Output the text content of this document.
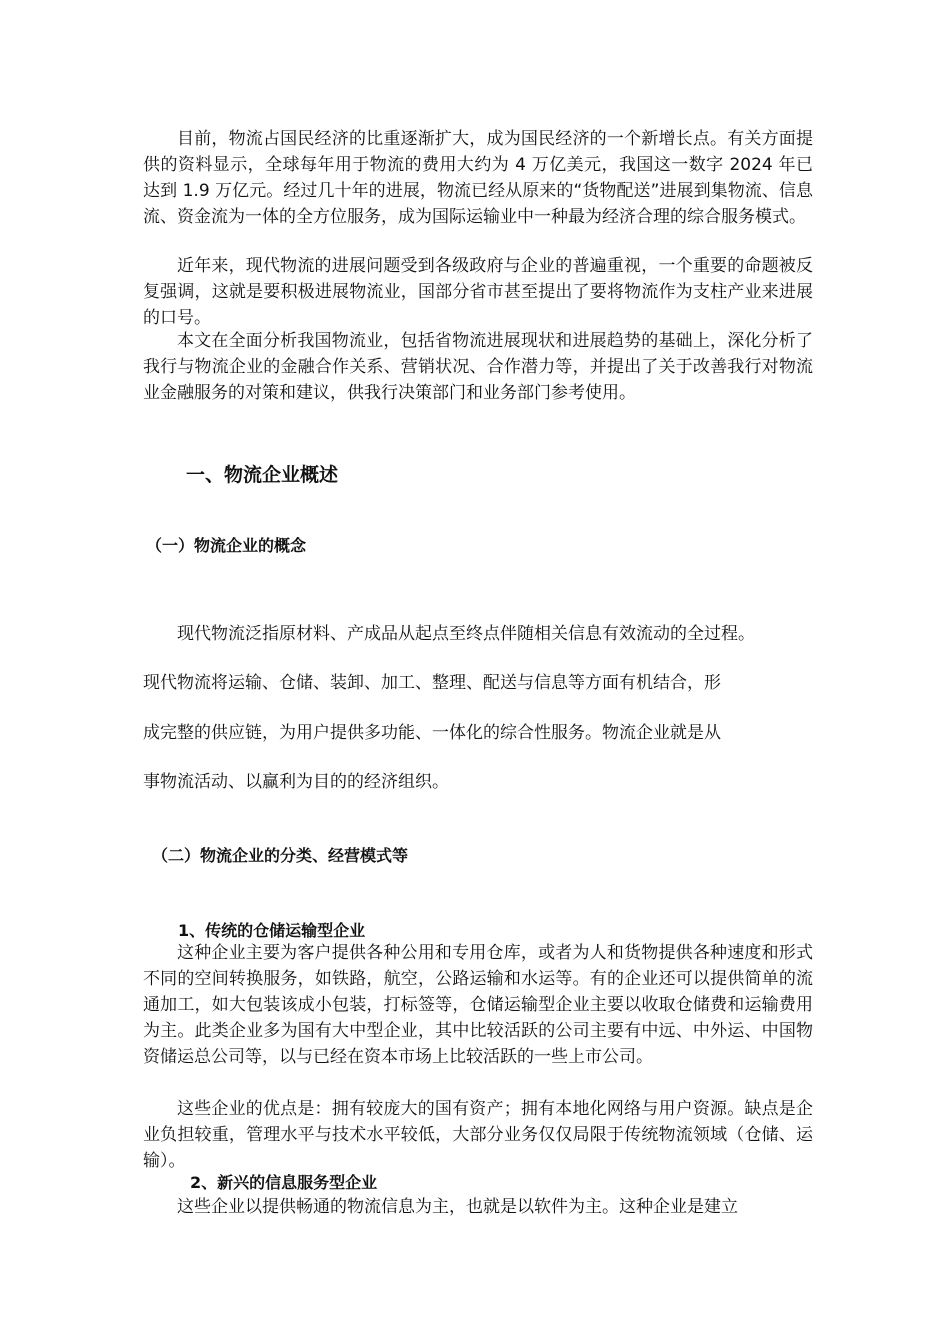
目前，物流占国民经济的比重逐渐扩大，成为国民经济的一个新增长点。有关方面提供的资料显示，全球每年用于物流的费用大约为 4 万亿美元，我国这一数字 2024 年已达到 1.9 万亿元。经过几十年的进展，物流已经从原来的“货物配送”进展到集物流、信息流、资金流为一体的全方位服务，成为国际运输业中一种最为经济合理的综合服务模式。

近年来，现代物流的进展问题受到各级政府与企业的普遍重视，一个重要的命题被反复强调，这就是要积极进展物流业，国部分省市甚至提出了要将物流作为支柱产业来进展的口号。

本文在全面分析我国物流业，包括省物流进展现状和进展趋势的基础上，深化分析了我行与物流企业的金融合作关系、营销状况、合作潜力等，并提出了关于改善我行对物流业金融服务的对策和建议，供我行决策部门和业务部门参考使用。

一、物流企业概述
（一）物流企业的概念

现代物流泛指原材料、产成品从起点至终点伴随相关信息有效流动的全过程。

现代物流将运输、仓储、装卸、加工、整理、配送与信息等方面有机结合，形

成完整的供应链，为用户提供多功能、一体化的综合性服务。物流企业就是从

事物流活动、以赢利为目的的经济组织。

（二）物流企业的分类、经营模式等
1、传统的仓储运输型企业

这种企业主要为客户提供各种公用和专用仓库，或者为人和货物提供各种速度和形式不同的空间转换服务，如铁路，航空，公路运输和水运等。有的企业还可以提供简单的流通加工，如大包装该成小包装，打标签等，仓储运输型企业主要以收取仓储费和运输费用为主。此类企业多为国有大中型企业，其中比较活跃的公司主要有中远、中外运、中国物资储运总公司等，以与已经在资本市场上比较活跃的一些上市公司。

这些企业的优点是：拥有较庞大的国有资产；拥有本地化网络与用户资源。缺点是企业负担较重，管理水平与技术水平较低，大部分业务仅仅局限于传统物流领域（仓储、运输）。

2、新兴的信息服务型企业

这些企业以提供畅通的物流信息为主，也就是以软件为主。这种企业是建立
